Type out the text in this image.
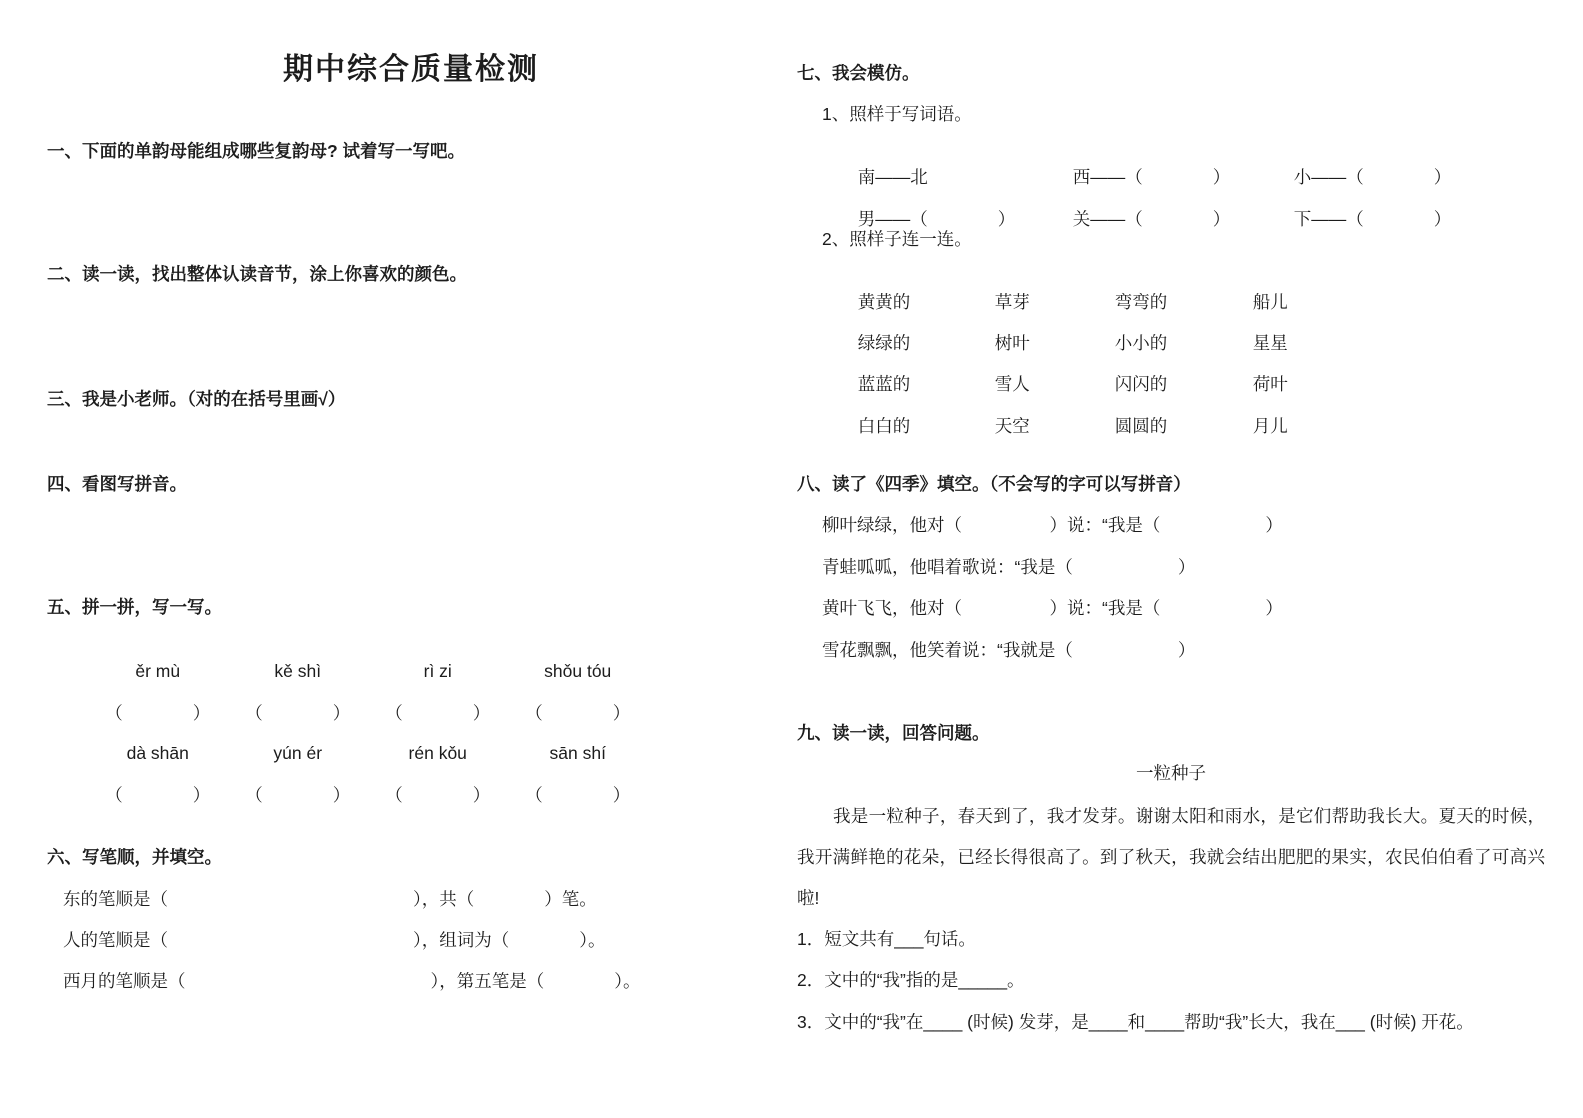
期中综合质量检测
一、下面的单韵母能组成哪些复韵母? 试着写一写吧。
二、读一读，找出整体认读音节，涂上你喜欢的颜色。
三、我是小老师。（对的在括号里画√）
四、看图写拼音。
五、拼一拼，写一写。

ěr mù	kě shì	rì zi	shǒu tóu

（　　　　） （　　　　） （　　　　） （　　　　）

dà shān	yún ér	rén kǒu	sān shí

（　　　　） （　　　　） （　　　　） （　　　　）

六、写笔顺，并填空。
东的笔顺是（　　　　　　　　　　　　　　），共（　　　　）笔。
人的笔顺是（　　　　　　　　　　　　　　），组词为（　　　　）。
西月的笔顺是（　　　　　　　　　　　　　　），第五笔是（　　　　）。
七、我会模仿。
1、照样于写词语。

南——北	西——（　　　　）	小——（　　　　）

男——（　　　　）	关——（　　　　）	下——（　　　　）

2、照样子连一连。

黄黄的	草芽	弯弯的	船儿

绿绿的	树叶	小小的	星星

蓝蓝的	雪人	闪闪的	荷叶

白白的	天空	圆圆的	月儿

八、读了《四季》填空。（不会写的字可以写拼音）
柳叶绿绿，他对（　　　　　）说：“我是（　　　　　　）
青蛙呱呱，他唱着歌说：“我是（　　　　　　）
黄叶飞飞，他对（　　　　　）说：“我是（　　　　　　）
雪花飘飘，他笑着说：“我就是（　　　　　　）
九、读一读，回答问题。
一粒种子
我是一粒种子，春天到了，我才发芽。谢谢太阳和雨水，是它们帮助我长大。夏天的时候，我开满鲜艳的花朵，已经长得很高了。到了秋天，我就会结出肥肥的果实，农民伯伯看了可高兴啦!
1．短文共有___句话。
2．文中的“我”指的是_____。
3．文中的“我”在____ (时候) 发芽，是____和____帮助“我”长大，我在___ (时候) 开花。
